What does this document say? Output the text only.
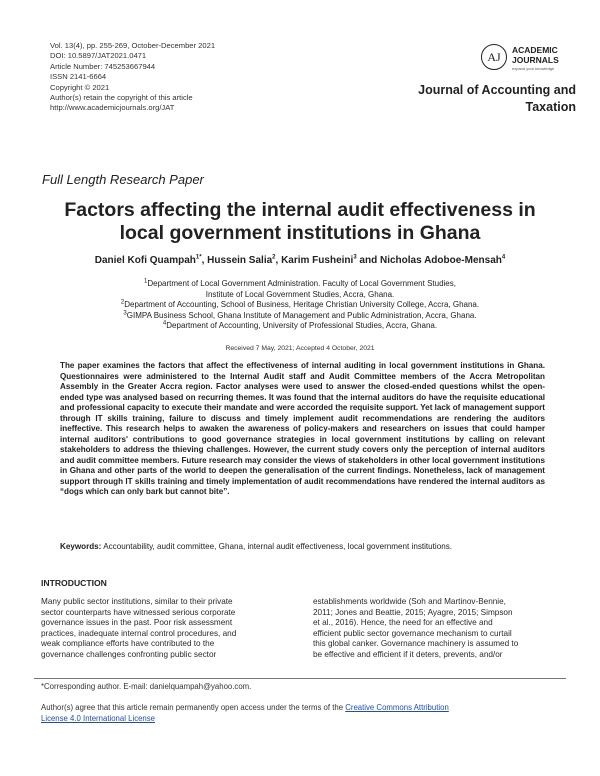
Vol. 13(4), pp. 255-269, October-December 2021
DOI: 10.5897/JAT2021.0471
Article Number: 745253667944
ISSN 2141-6664
Copyright © 2021
Author(s) retain the copyright of this article
http://www.academicjournals.org/JAT
AJ	ACADEMIC
JOURNALS
expand your knowledge
Journal of Accounting and
Taxation
Full Length Research Paper
Factors affecting the internal audit effectiveness in
local government institutions in Ghana
Daniel Kofi Quampah$^{1*}$, Hussein Salia$^2$, Karim Fusheini$^3$ and Nicholas Adoboe-Mensah$^4$
$^1$Department of Local Government Administration. Faculty of Local Government Studies,
Institute of Local Government Studies, Accra, Ghana.
$^2$Department of Accounting, School of Business, Heritage Christian University College, Accra, Ghana.
$^3$GIMPA Business School, Ghana Institute of Management and Public Administration, Accra, Ghana.
$^4$Department of Accounting, University of Professional Studies, Accra, Ghana.
Received 7 May, 2021; Accepted 4 October, 2021
The paper examines the factors that affect the effectiveness of internal auditing in local government institutions in Ghana. Questionnaires were administered to the Internal Audit staff and Audit Committee members of the Accra Metropolitan Assembly in the Greater Accra region. Factor analyses were used to answer the closed-ended questions whilst the open-ended type was analysed based on recurring themes. It was found that the internal auditors do have the requisite educational and professional capacity to execute their mandate and were accorded the requisite support. Yet lack of management support through IT skills training, failure to discuss and timely implement audit recommendations are rendering the auditors ineffective. This research helps to awaken the awareness of policy-makers and researchers on issues that could hamper internal auditors' contributions to good governance strategies in local government institutions by calling on relevant stakeholders to address the thieving challenges. However, the current study covers only the perception of internal auditors and audit committee members. Future research may consider the views of stakeholders in other local government institutions in Ghana and other parts of the world to deepen the generalisation of the current findings. Nonetheless, lack of management support through IT skills training and timely implementation of audit recommendations have rendered the internal auditors as “dogs which can only bark but cannot bite”.
Keywords: Accountability, audit committee, Ghana, internal audit effectiveness, local government institutions.
INTRODUCTION
Many public sector institutions, similar to their private
sector counterparts have witnessed serious corporate
governance issues in the past. Poor risk assessment
practices, inadequate internal control procedures, and
weak compliance efforts have contributed to the
governance challenges confronting public sector
establishments worldwide (Soh and Martinov-Bennie,
2011; Jones and Beattie, 2015; Ayagre, 2015; Simpson
et al., 2016). Hence, the need for an effective and
efficient public sector governance mechanism to curtail
this global canker. Governance machinery is assumed to
be effective and efficient if it deters, prevents, and/or
*Corresponding author. E-mail: danielquampah@yahoo.com.
Author(s) agree that this article remain permanently open access under the terms of the Creative Commons Attribution
License 4.0 International License
